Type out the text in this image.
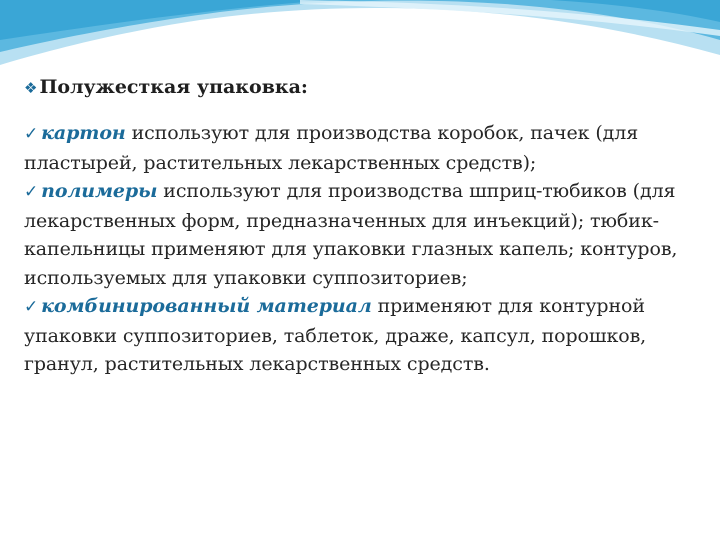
❖ Полужесткая упаковка:

✓ картон используют для производства коробок, пачек (для пластырей, растительных лекарственных средств);

✓ полимеры используют для производства шприц-тюбиков (для лекарственных форм, предназначенных для инъекций); тюбик-капельницы применяют для упаковки глазных капель; контуров, используемых для упаковки суппозиториев;

✓ комбинированный материал применяют для контурной упаковки суппозиториев, таблеток, драже, капсул, порошков, гранул, растительных лекарственных средств.
